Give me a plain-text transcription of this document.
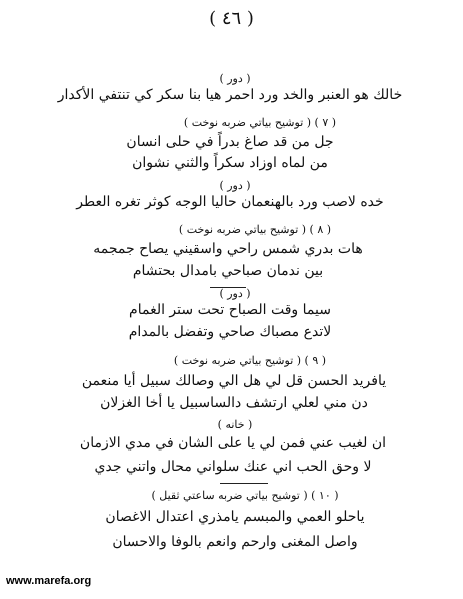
( ٤٦ )
( دور )
خالك هو العنبر والخد ورد احمر هيا بنا سكر كي تنتفي الأكدار
( ٧ ) ( توشيح بياتي ضربه نوخت )
جل من قد صاغ بدراً في حلى انسان
من لماه اوزاد سكراً والثني نشوان
( دور )
خده لاصب ورد بالهنعمان حاليا الوجه كوثر تغره العطر
( ٨ ) ( توشيح بياتي ضربه نوخت )
هات بدري شمس راحي واسقيني يصاح جمجمه
بين ندمان صباحي بامدال بحتشام
( دور )
سيما وقت الصباح تحت ستر الغمام
لاتدع مصباك صاحي وتفضل بالمدام
( ٩ ) ( توشيح بياتي ضربه نوخت )
يافريد الحسن قل لي هل الي وصالك سبيل أيا منعمن
دن مني لعلي ارتشف دالساسبيل يا أخا الغزلان
( خانه )
ان لغيب عني فمن لي يا على الشان في مدي الازمان
لا وحق الحب اني عنك سلواني محال واتني جدي
( ١٠ ) ( توشيح بياتي ضربه ساعتي ثقيل )
ياحلو العمي والمبسم يامذري اعتدال الاغصان
واصل المغنى وارحم وانعم بالوفا والاحسان
www.marefa.org
